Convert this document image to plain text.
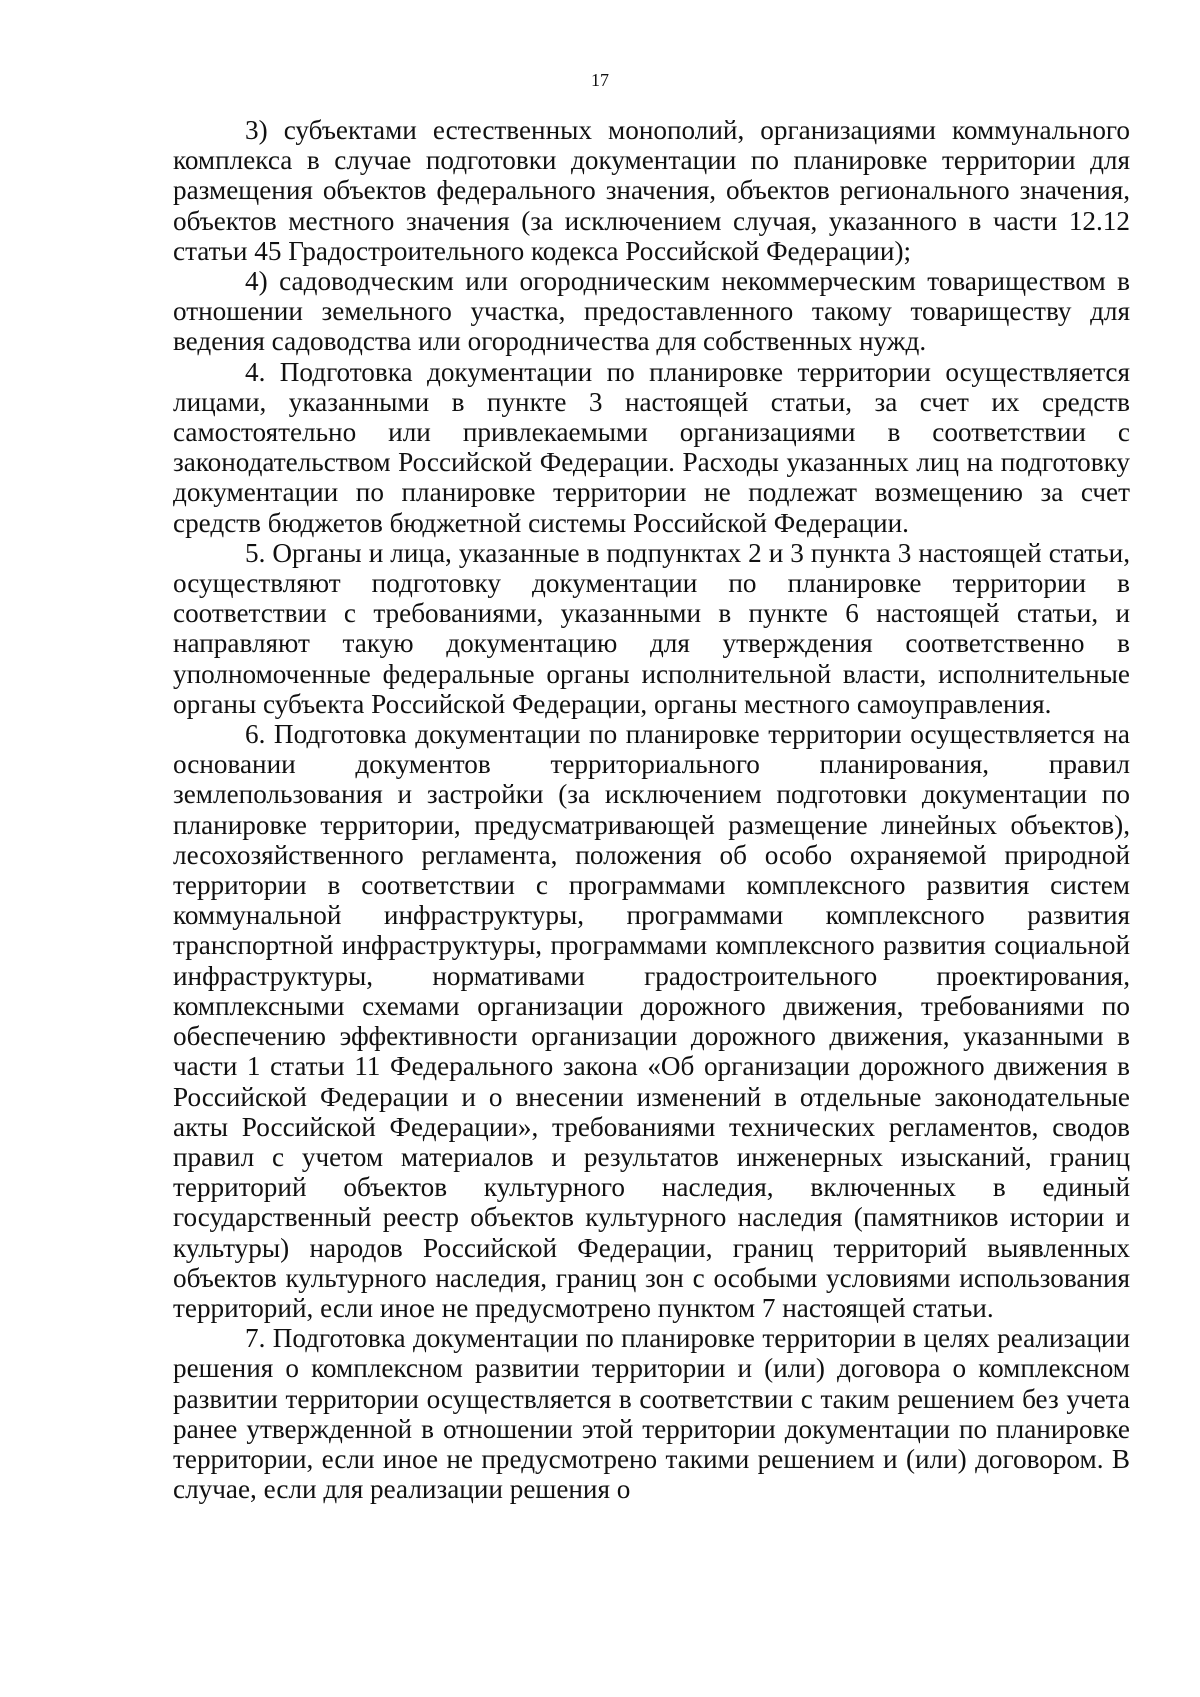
17

3) субъектами естественных монополий, организациями коммунального комплекса в случае подготовки документации по планировке территории для размещения объектов федерального значения, объектов регионального значения, объектов местного значения (за исключением случая, указанного в части 12.12 статьи 45 Градостроительного кодекса Российской Федерации);

4) садоводческим или огородническим некоммерческим товариществом в отношении земельного участка, предоставленного такому товариществу для ведения садоводства или огородничества для собственных нужд.

4. Подготовка документации по планировке территории осуществляется лицами, указанными в пункте 3 настоящей статьи, за счет их средств самостоятельно или привлекаемыми организациями в соответствии с законодательством Российской Федерации. Расходы указанных лиц на подготовку документации по планировке территории не подлежат возмещению за счет средств бюджетов бюджетной системы Российской Федерации.

5. Органы и лица, указанные в подпунктах 2 и 3 пункта 3 настоящей статьи, осуществляют подготовку документации по планировке территории в соответствии с требованиями, указанными в пункте 6 настоящей статьи, и направляют такую документацию для утверждения соответственно в уполномоченные федеральные органы исполнительной власти, исполнительные органы субъекта Российской Федерации, органы местного самоуправления.

6. Подготовка документации по планировке территории осуществляется на основании документов территориального планирования, правил землепользования и застройки (за исключением подготовки документации по планировке территории, предусматривающей размещение линейных объектов), лесохозяйственного регламента, положения об особо охраняемой природной территории в соответствии с программами комплексного развития систем коммунальной инфраструктуры, программами комплексного развития транспортной инфраструктуры, программами комплексного развития социальной инфраструктуры, нормативами градостроительного проектирования, комплексными схемами организации дорожного движения, требованиями по обеспечению эффективности организации дорожного движения, указанными в части 1 статьи 11 Федерального закона «Об организации дорожного движения в Российской Федерации и о внесении изменений в отдельные законодательные акты Российской Федерации», требованиями технических регламентов, сводов правил с учетом материалов и результатов инженерных изысканий, границ территорий объектов культурного наследия, включенных в единый государственный реестр объектов культурного наследия (памятников истории и культуры) народов Российской Федерации, границ территорий выявленных объектов культурного наследия, границ зон с особыми условиями использования территорий, если иное не предусмотрено пунктом 7 настоящей статьи.

7. Подготовка документации по планировке территории в целях реализации решения о комплексном развитии территории и (или) договора о комплексном развитии территории осуществляется в соответствии с таким решением без учета ранее утвержденной в отношении этой территории документации по планировке территории, если иное не предусмотрено такими решением и (или) договором. В случае, если для реализации решения о
